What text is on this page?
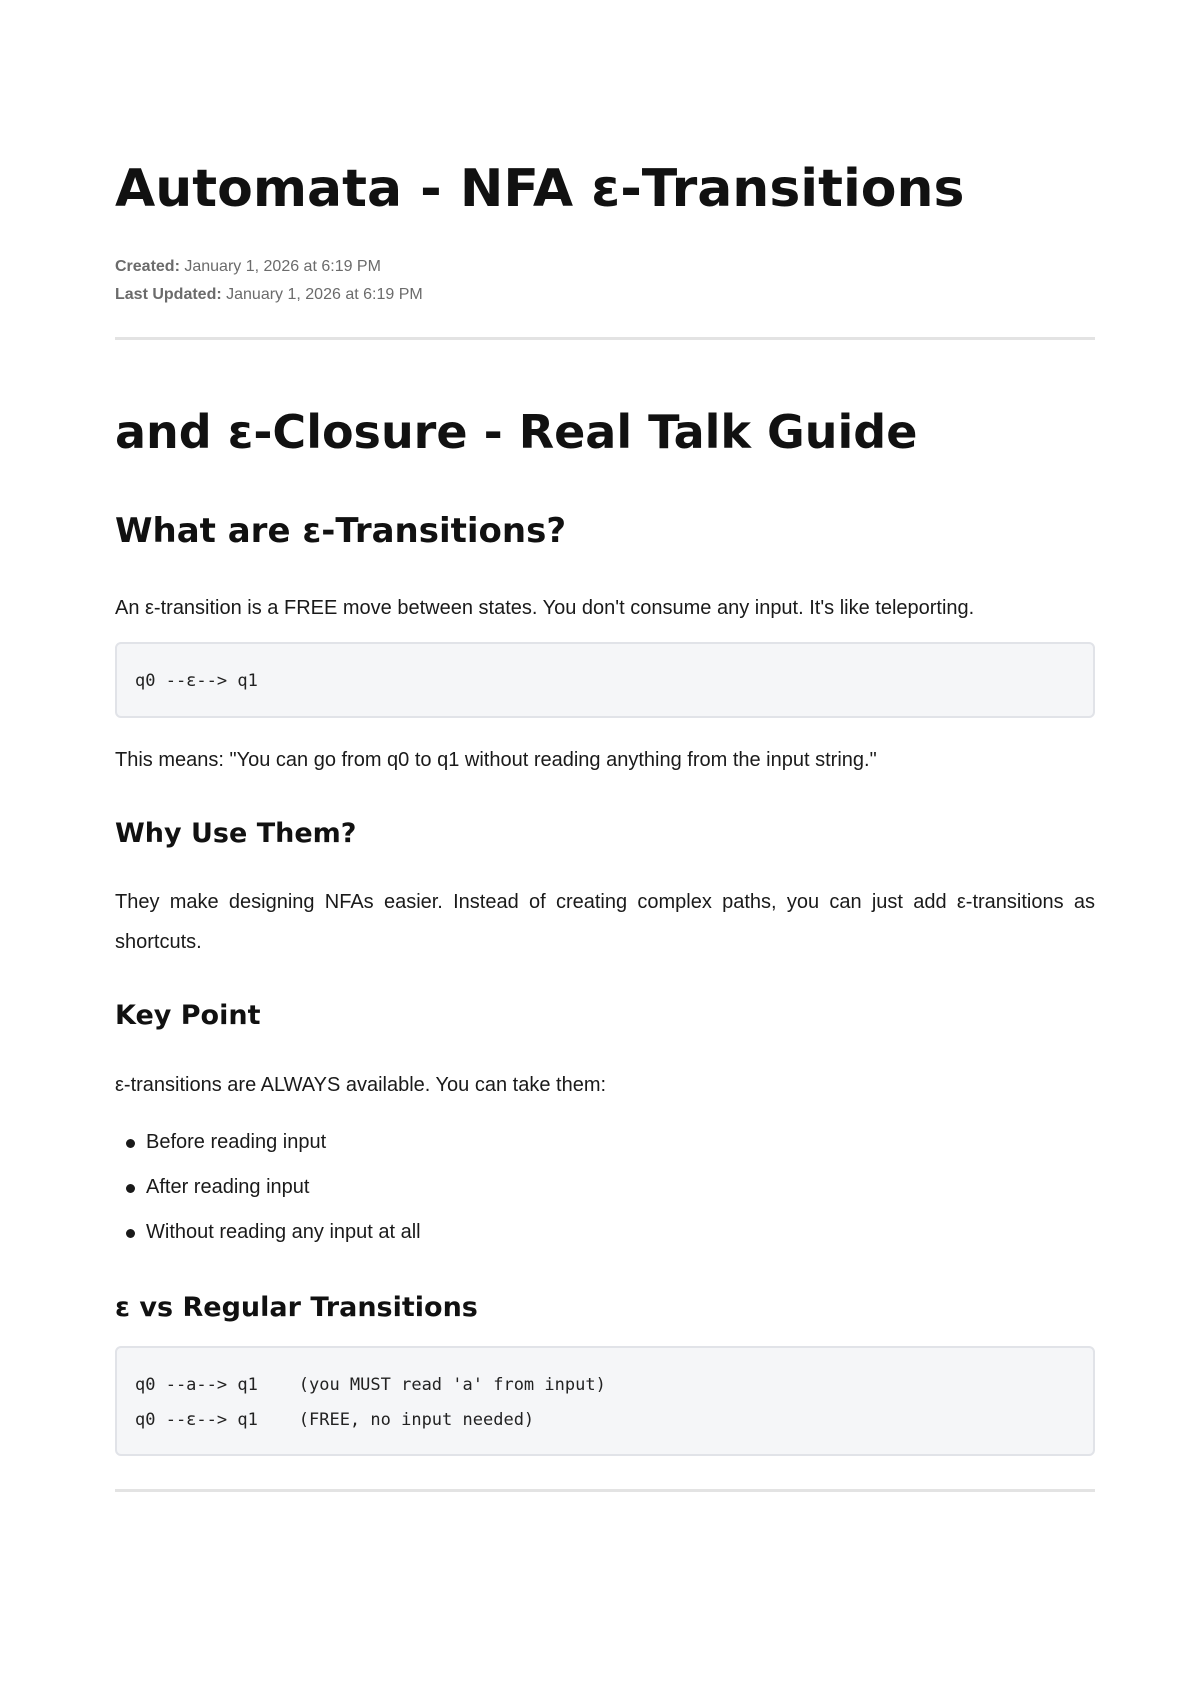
Automata - NFA ε-Transitions
Created: January 1, 2026 at 6:19 PM
Last Updated: January 1, 2026 at 6:19 PM
and ε-Closure - Real Talk Guide
What are ε-Transitions?

An ε-transition is a FREE move between states. You don't consume any input. It's like teleporting.

q0 --ε--> q1

This means: "You can go from q0 to q1 without reading anything from the input string."

Why Use Them?

They make designing NFAs easier. Instead of creating complex paths, you can just add ε-transitions as shortcuts.

Key Point

ε-transitions are ALWAYS available. You can take them:

Before reading input
After reading input
Without reading any input at all
ε vs Regular Transitions
q0 --a--> q1    (you MUST read 'a' from input)
q0 --ε--> q1    (FREE, no input needed)
